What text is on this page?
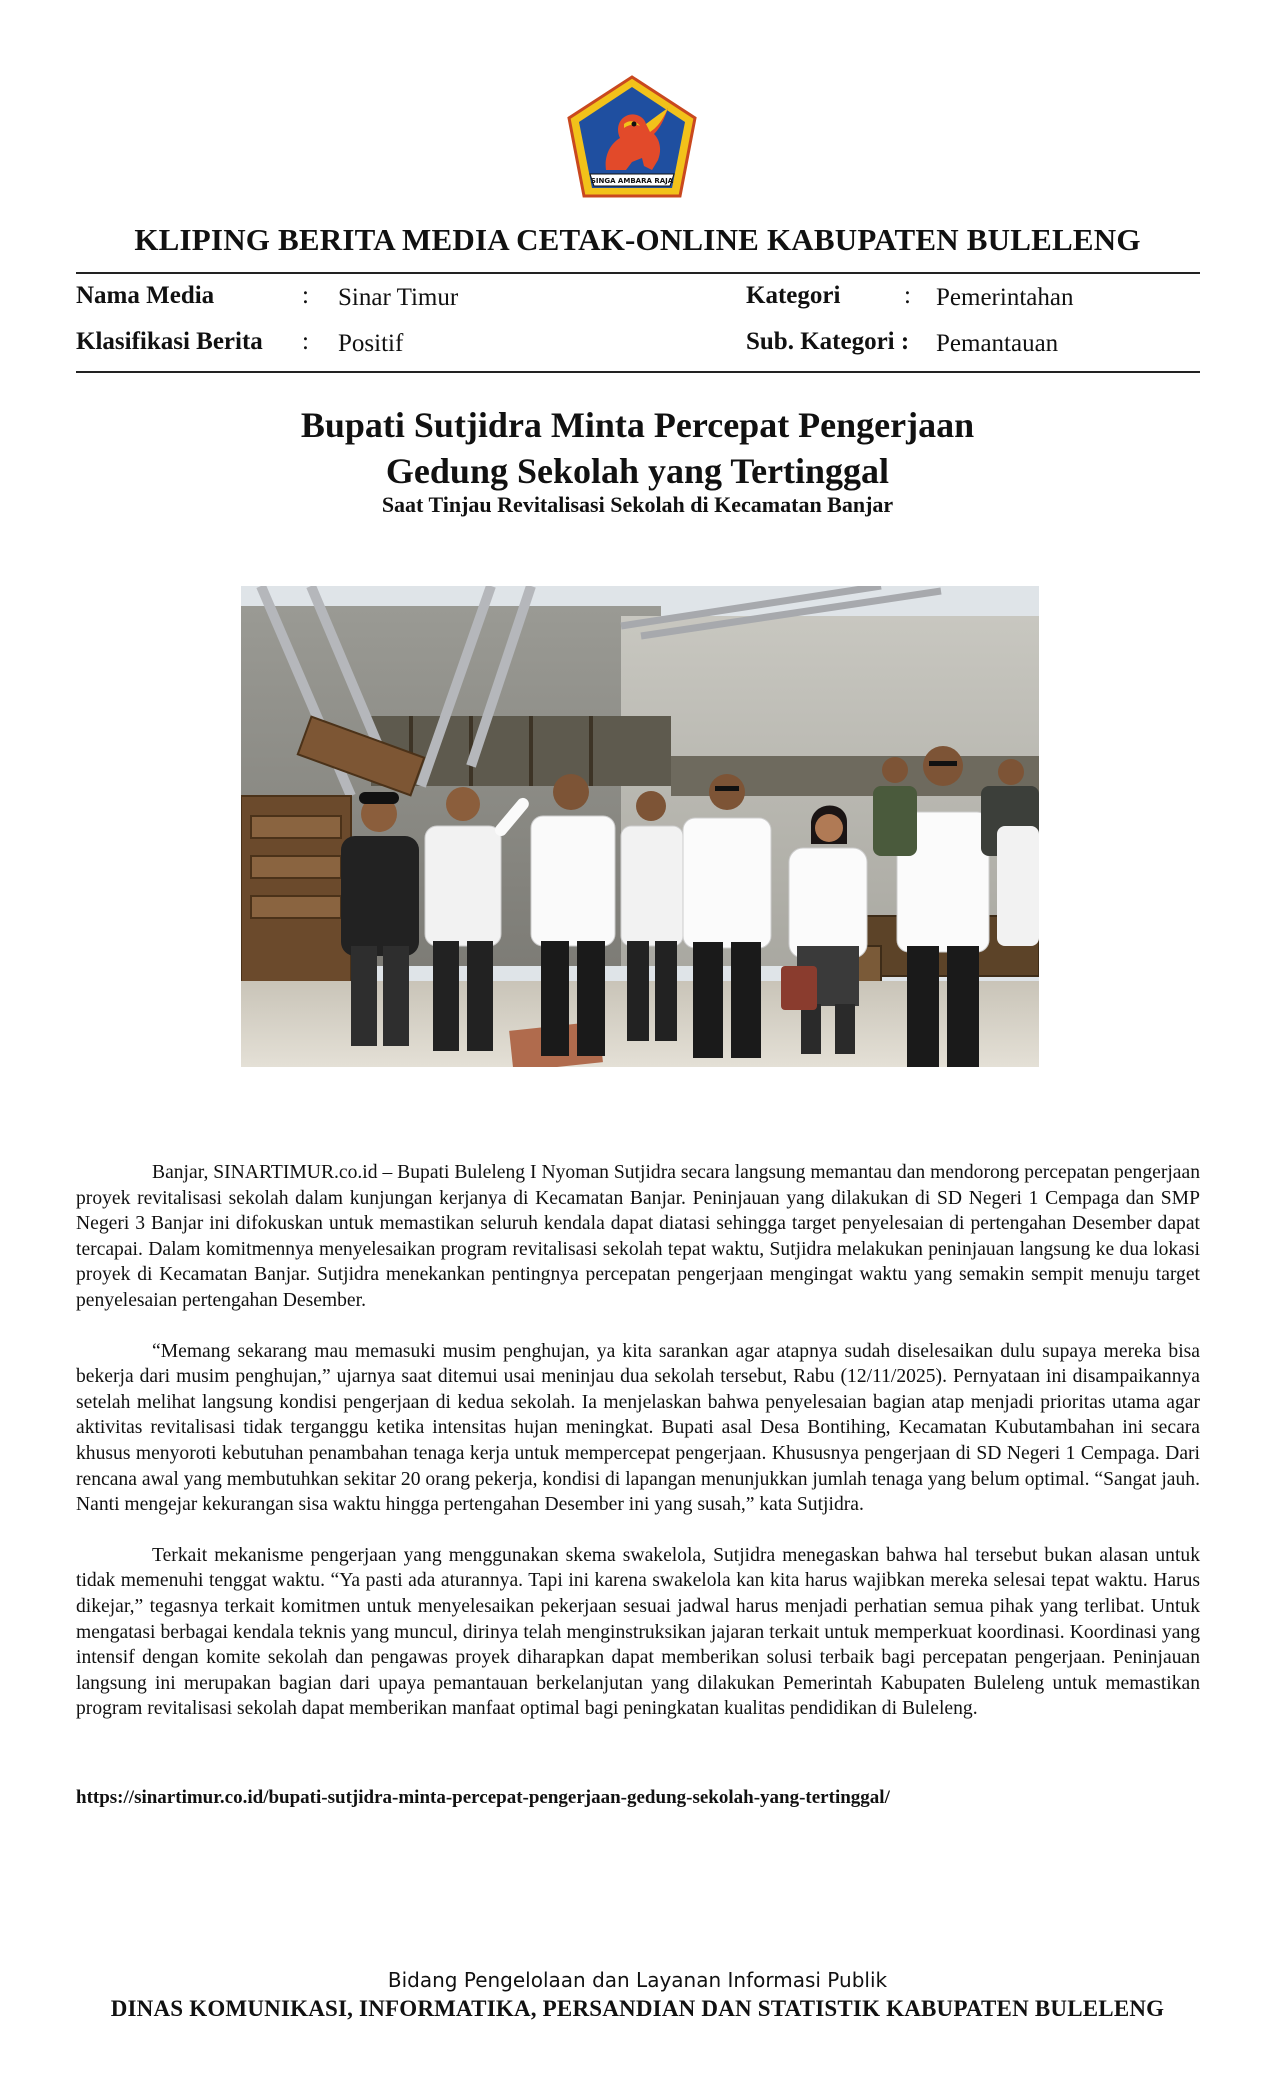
SINGA AMBARA RAJA
KLIPING BERITA MEDIA CETAK-ONLINE KABUPATEN BULELENG
Nama Media	: Sinar Timur	Kategori	: Pemerintahan
Klasifikasi Berita : Positif	Sub. Kategori : Pemantauan
Bupati Sutjidra Minta Percepat Pengerjaan
Gedung Sekolah yang Tertinggal
Saat Tinjau Revitalisasi Sekolah di Kecamatan Banjar

Banjar, SINARTIMUR.co.id – Bupati Buleleng I Nyoman Sutjidra secara langsung memantau dan mendorong percepatan pengerjaan proyek revitalisasi sekolah dalam kunjungan kerjanya di Kecamatan Banjar. Peninjauan yang dilakukan di SD Negeri 1 Cempaga dan SMP Negeri 3 Banjar ini difokuskan untuk memastikan seluruh kendala dapat diatasi sehingga target penyelesaian di pertengahan Desember dapat tercapai. Dalam komitmennya menyelesaikan program revitalisasi sekolah tepat waktu, Sutjidra melakukan peninjauan langsung ke dua lokasi proyek di Kecamatan Banjar. Sutjidra menekankan pentingnya percepatan pengerjaan mengingat waktu yang semakin sempit menuju target penyelesaian pertengahan Desember.

“Memang sekarang mau memasuki musim penghujan, ya kita sarankan agar atapnya sudah diselesaikan dulu supaya mereka bisa bekerja dari musim penghujan,” ujarnya saat ditemui usai meninjau dua sekolah tersebut, Rabu (12/11/2025). Pernyataan ini disampaikannya setelah melihat langsung kondisi pengerjaan di kedua sekolah. Ia menjelaskan bahwa penyelesaian bagian atap menjadi prioritas utama agar aktivitas revitalisasi tidak terganggu ketika intensitas hujan meningkat. Bupati asal Desa Bontihing, Kecamatan Kubutambahan ini secara khusus menyoroti kebutuhan penambahan tenaga kerja untuk mempercepat pengerjaan. Khususnya pengerjaan di SD Negeri 1 Cempaga. Dari rencana awal yang membutuhkan sekitar 20 orang pekerja, kondisi di lapangan menunjukkan jumlah tenaga yang belum optimal. “Sangat jauh. Nanti mengejar kekurangan sisa waktu hingga pertengahan Desember ini yang susah,” kata Sutjidra.

Terkait mekanisme pengerjaan yang menggunakan skema swakelola, Sutjidra menegaskan bahwa hal tersebut bukan alasan untuk tidak memenuhi tenggat waktu. “Ya pasti ada aturannya. Tapi ini karena swakelola kan kita harus wajibkan mereka selesai tepat waktu. Harus dikejar,” tegasnya terkait komitmen untuk menyelesaikan pekerjaan sesuai jadwal harus menjadi perhatian semua pihak yang terlibat. Untuk mengatasi berbagai kendala teknis yang muncul, dirinya telah menginstruksikan jajaran terkait untuk memperkuat koordinasi. Koordinasi yang intensif dengan komite sekolah dan pengawas proyek diharapkan dapat memberikan solusi terbaik bagi percepatan pengerjaan. Peninjauan langsung ini merupakan bagian dari upaya pemantauan berkelanjutan yang dilakukan Pemerintah Kabupaten Buleleng untuk memastikan program revitalisasi sekolah dapat memberikan manfaat optimal bagi peningkatan kualitas pendidikan di Buleleng.

https://sinartimur.co.id/bupati-sutjidra-minta-percepat-pengerjaan-gedung-sekolah-yang-tertinggal/
Bidang Pengelolaan dan Layanan Informasi Publik
DINAS KOMUNIKASI, INFORMATIKA, PERSANDIAN DAN STATISTIK KABUPATEN BULELENG
